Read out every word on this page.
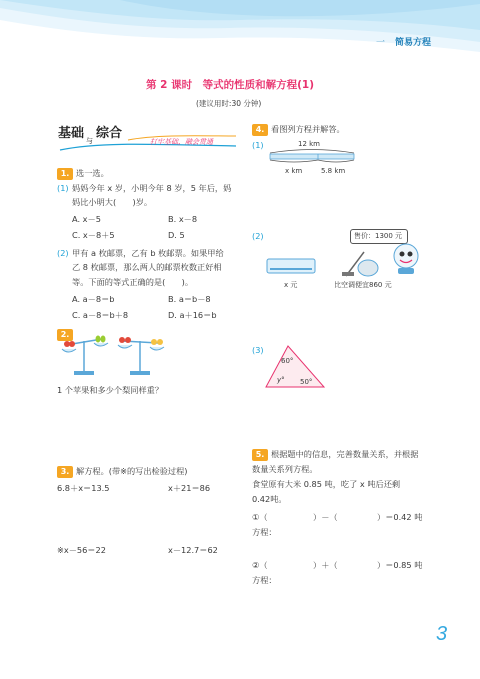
一 简易方程
第 2 课时　等式的性质和解方程(1)
(建议用时:30 分钟)
基础 与 综合
打牢基础，融会贯通
1. 选一选。
(1) 妈妈今年 x 岁，小明今年 8 岁，5 年后，妈
妈比小明大(　　)岁。
A. x－5	B. x－8
C. x－8＋5	D. 5
(2) 甲有 a 枚邮票，乙有 b 枚邮票。如果甲给
乙 8 枚邮票，那么两人的邮票枚数正好相
等。下面的等式正确的是(　　)。
A. a－8＝b	B. a＝b－8
C. a－8＝b＋8	D. a＋16＝b
2.
1 个苹果和多少个梨同样重？
3. 解方程。(带※的写出检验过程)
6.8＋x＝13.5	x＋21＝86
※x－56＝22	x－12.7＝62
4. 看图列方程并解答。
(1)	12 km
x km	5.8 km
(2)	售价：1300 元
x 元	比空调便宜860 元
(3)
60°
y° 50°
5. 根据题中的信息，完善数量关系，并根据
数量关系列方程。
食堂原有大米 0.85 吨，吃了 x 吨后还剩
0.42吨。
①（	）－（	）＝0.42 吨
方程：
②（	）＋（	）＝0.85 吨
方程：
3
